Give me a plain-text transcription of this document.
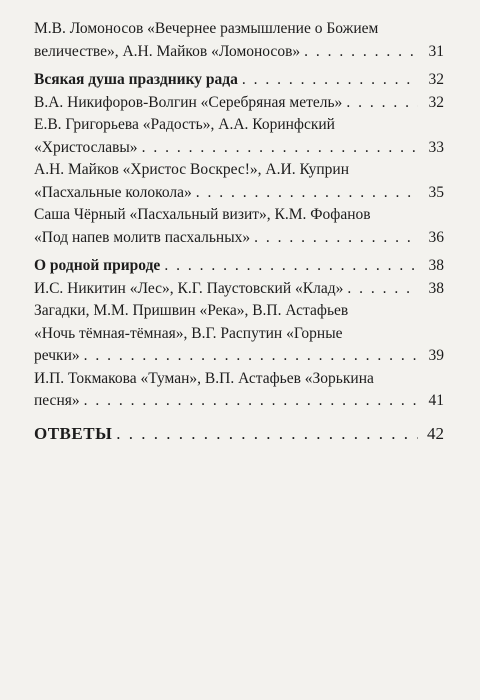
М.В. Ломоносов «Вечернее размышление о Божием
величестве», А.Н. Майков «Ломоносов» . . .	31
Всякая душа празднику рада . . .	32
В.А. Никифоров-Волгин «Серебряная метель» . . .	32
Е.В. Григорьева «Радость», А.А. Коринфский
«Христославы» . . .	33
А.Н. Майков «Христос Воскрес!», А.И. Куприн
«Пасхальные колокола» . . .	35
Саша Чёрный «Пасхальный визит», К.М. Фофанов
«Под напев молитв пасхальных» . . .	36
О родной природе . . .	38
И.С. Никитин «Лес», К.Г. Паустовский «Клад» . . .	38
Загадки, М.М. Пришвин «Река», В.П. Астафьев
«Ночь тёмная-тёмная», В.Г. Распутин «Горные
речки» . . .	39
И.П. Токмакова «Туман», В.П. Астафьев «Зорькина
песня» . . .	41
ОТВЕТЫ . . .	42
